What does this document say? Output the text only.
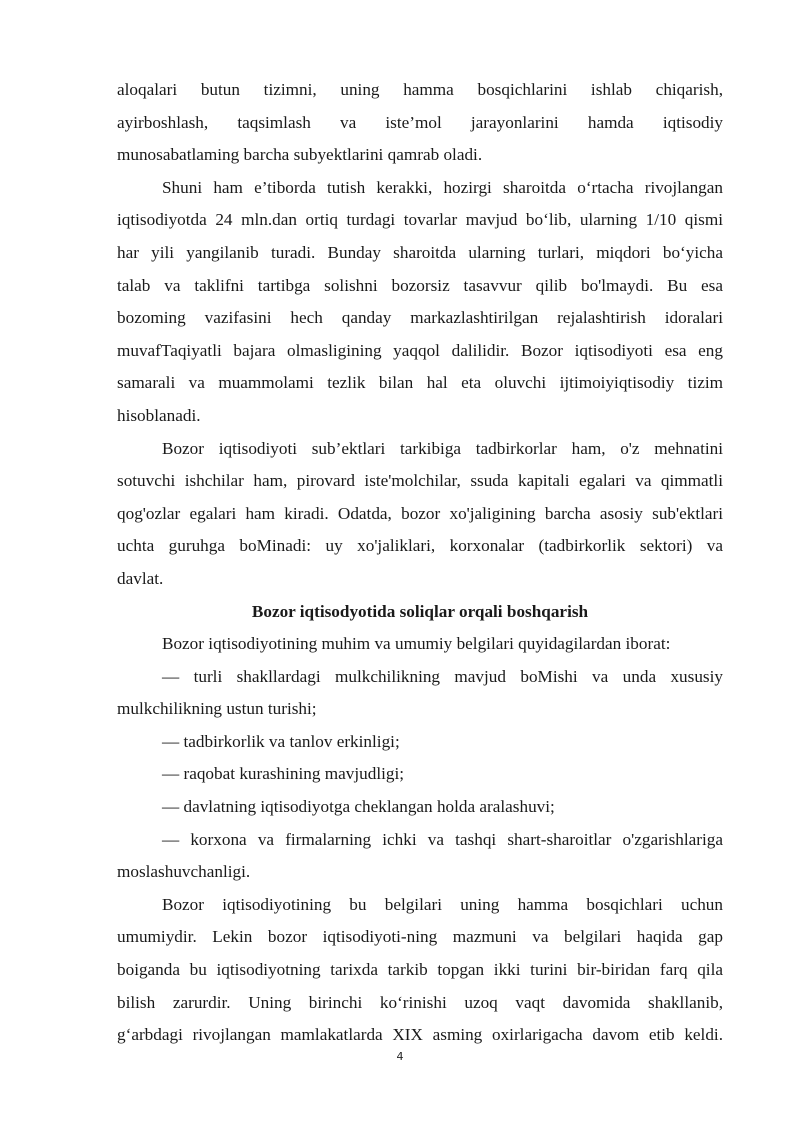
aloqalari butun tizimni, uning hamma bosqichlarini ishlab chiqarish,
ayirboshlash, taqsimlash va iste’mol jarayonlarini hamda iqtisodiy
munosabatlaming barcha subyektlarini qamrab oladi.
Shuni ham e’tiborda tutish kerakki, hozirgi sharoitda o‘rtacha rivojlangan
iqtisodiyotda 24 mln.dan ortiq turdagi tovarlar mavjud bo‘lib, ularning 1/10 qismi
har yili yangilanib turadi. Bunday sharoitda ularning turlari, miqdori bo‘yicha
talab va taklifni tartibga solishni bozorsiz tasavvur qilib bo'lmaydi. Bu esa
bozoming vazifasini hech qanday markazlashtirilgan rejalashtirish idoralari
muvafTaqiyatli bajara olmasligining yaqqol dalilidir. Bozor iqtisodiyoti esa eng
samarali va muammolami tezlik bilan hal eta oluvchi ijtimoiyiqtisodiy tizim
hisoblanadi.
Bozor iqtisodiyoti sub’ektlari tarkibiga tadbirkorlar ham, o'z mehnatini
sotuvchi ishchilar ham, pirovard iste'molchilar, ssuda kapitali egalari va qimmatli
qog'ozlar egalari ham kiradi. Odatda, bozor xo'jaligining barcha asosiy sub'ektlari
uchta guruhga boMinadi: uy xo'jaliklari, korxonalar (tadbirkorlik sektori) va
davlat.
Bozor iqtisodyotida soliqlar orqali boshqarish
Bozor iqtisodiyotining muhim va umumiy belgilari quyidagilardan iborat:
— turli shakllardagi mulkchilikning mavjud boMishi va unda xususiy
mulkchilikning ustun turishi;
— tadbirkorlik va tanlov erkinligi;
— raqobat kurashining mavjudligi;
— davlatning iqtisodiyotga cheklangan holda aralashuvi;
— korxona va firmalarning ichki va tashqi shart-sharoitlar o'zgarishlariga
moslashuvchanligi.
Bozor iqtisodiyotining bu belgilari uning hamma bosqichlari uchun
umumiydir. Lekin bozor iqtisodiyoti-ning mazmuni va belgilari haqida gap
boiganda bu iqtisodiyotning tarixda tarkib topgan ikki turini bir-biridan farq qila
bilish zarurdir. Uning birinchi ko‘rinishi uzoq vaqt davomida shakllanib,
g‘arbdagi rivojlangan mamlakatlarda XIX asming oxirlarigacha davom etib keldi.
4
